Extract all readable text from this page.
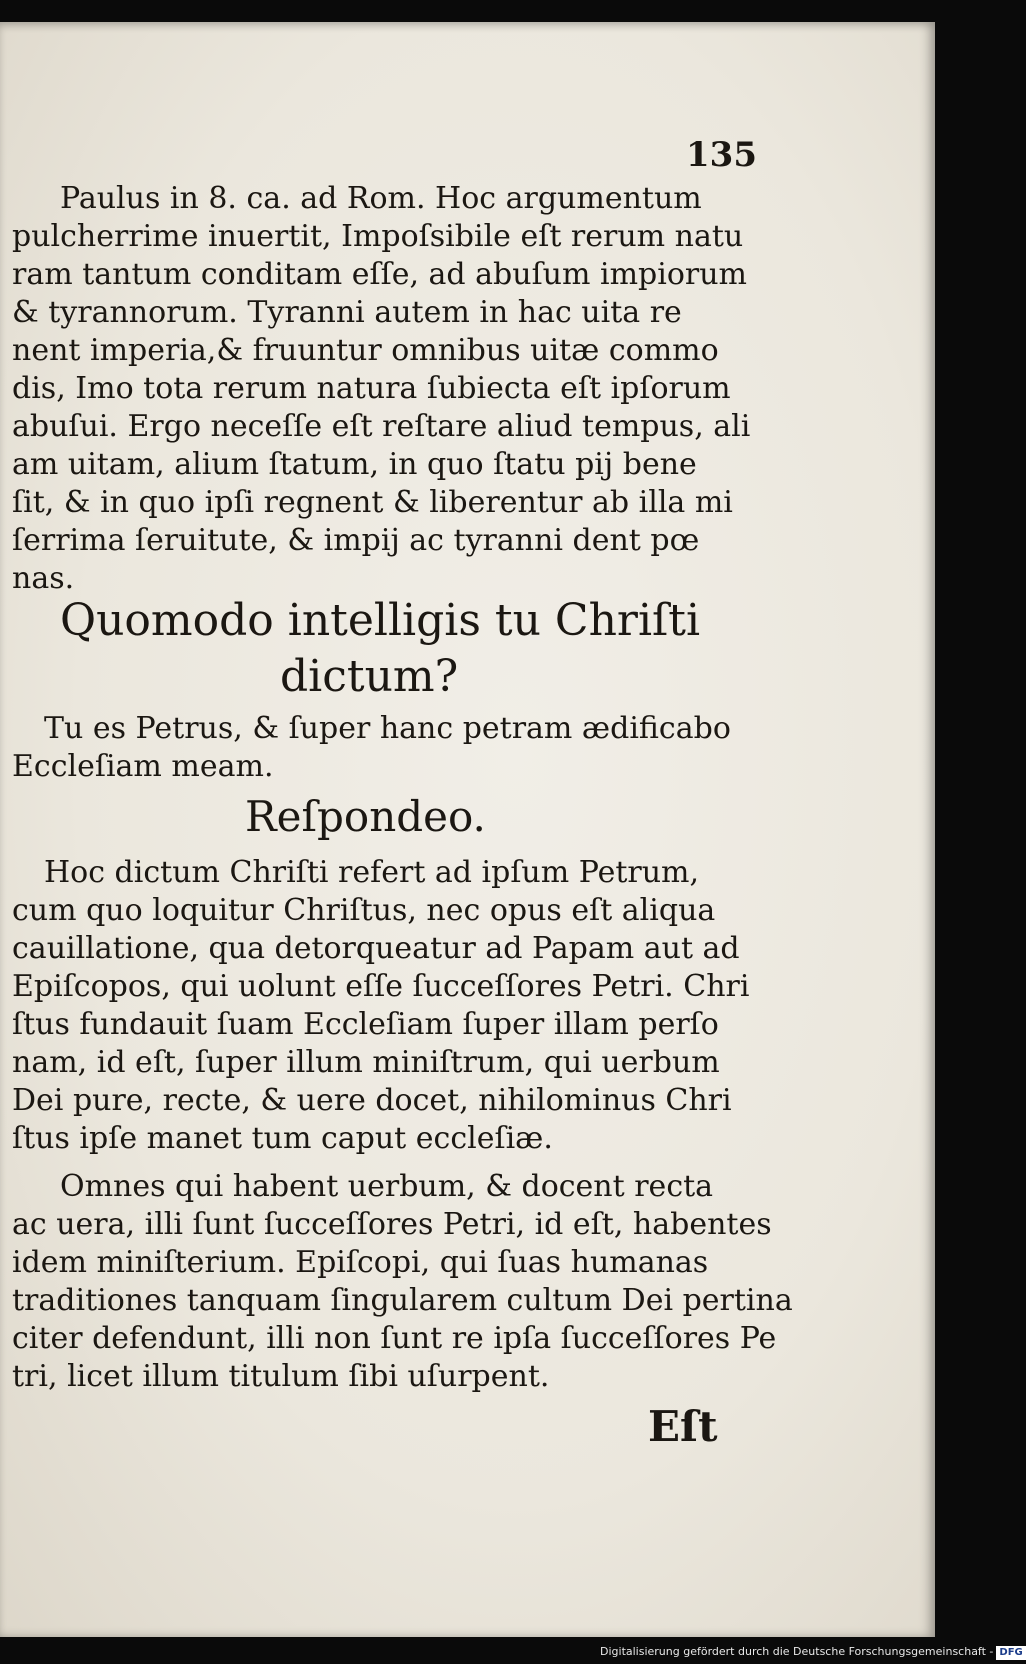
135
Paulus in 8. ca. ad Rom. Hoc argumentum
pulcherrime inuertit, Impoſsibile eſt rerum natu
ram tantum conditam eſſe, ad abuſum impiorum
& tyrannorum. Tyranni autem in hac uita re
nent imperia,& fruuntur omnibus uitæ commo
dis, Imo tota rerum natura ſubiecta eſt ipſorum
abuſui. Ergo neceſſe eſt reſtare aliud tempus, ali
am uitam, alium ſtatum, in quo ſtatu pij bene
ſit, & in quo ipſi regnent & liberentur ab illa mi
ſerrima ſeruitute, & impij ac tyranni dent pœ
nas.
Quomodo intelligis tu Chriſti
dictum?
Tu es Petrus, & ſuper hanc petram ædificabo
Eccleſiam meam.
Reſpondeo.
Hoc dictum Chriſti refert ad ipſum Petrum,
cum quo loquitur Chriſtus, nec opus eſt aliqua
cauillatione, qua detorqueatur ad Papam aut ad
Epiſcopos, qui uolunt eſſe ſucceſſores Petri. Chri
ſtus fundauit ſuam Eccleſiam ſuper illam perſo
nam, id eſt, ſuper illum miniſtrum, qui uerbum
Dei pure, recte, & uere docet, nihilominus Chri
ſtus ipſe manet tum caput eccleſiæ.
Omnes qui habent uerbum, & docent recta
ac uera, illi ſunt ſucceſſores Petri, id eſt, habentes
idem miniſterium. Epiſcopi, qui ſuas humanas
traditiones tanquam ſingularem cultum Dei pertina
citer defendunt, illi non ſunt re ipſa ſucceſſores Pe
tri, licet illum titulum ſibi uſurpent.
Eſt
Digitalisierung gefördert durch die Deutsche Forschungsgemeinschaft - DFG
